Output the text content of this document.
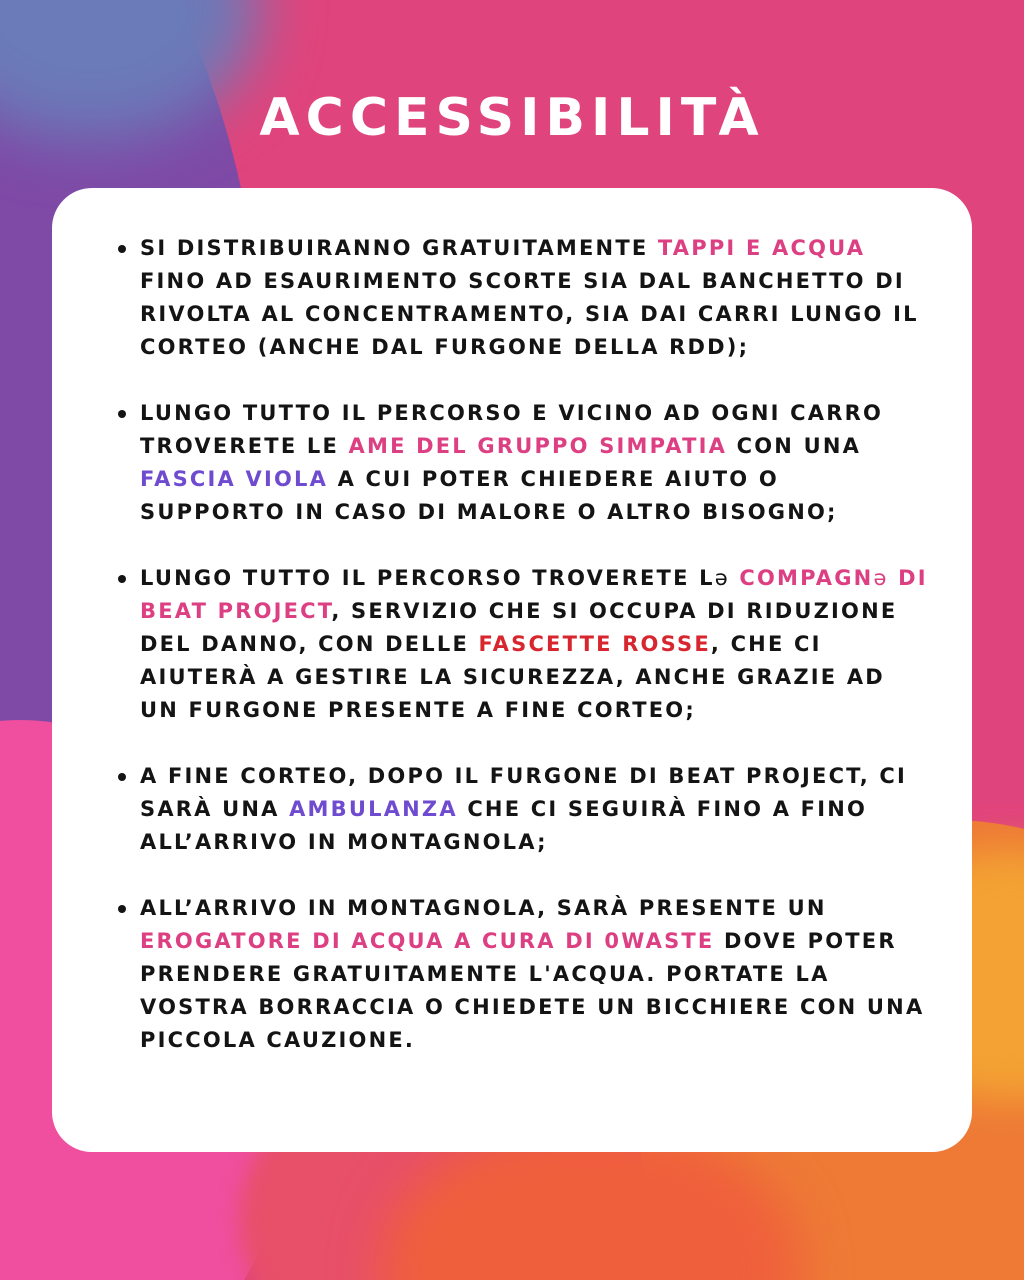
ACCESSIBILITÀ
SI DISTRIBUIRANNO GRATUITAMENTE TAPPI E ACQUA FINO AD ESAURIMENTO SCORTE SIA DAL BANCHETTO DI RIVOLTA AL CONCENTRAMENTO, SIA DAI CARRI LUNGO IL CORTEO (ANCHE DAL FURGONE DELLA RDD);
LUNGO TUTTO IL PERCORSO E VICINO AD OGNI CARRO TROVERETE LE AME DEL GRUPPO SIMPATIA CON UNA FASCIA VIOLA A CUI POTER CHIEDERE AIUTO O SUPPORTO IN CASO DI MALORE O ALTRO BISOGNO;
LUNGO TUTTO IL PERCORSO TROVERETE Lə COMPAGNə DI BEAT PROJECT, SERVIZIO CHE SI OCCUPA DI RIDUZIONE DEL DANNO, CON DELLE FASCETTE ROSSE, CHE CI AIUTERÀ A GESTIRE LA SICUREZZA, ANCHE GRAZIE AD UN FURGONE PRESENTE A FINE CORTEO;
A FINE CORTEO, DOPO IL FURGONE DI BEAT PROJECT, CI SARÀ UNA AMBULANZA CHE CI SEGUIRÀ FINO A FINO ALL’ARRIVO IN MONTAGNOLA;
ALL’ARRIVO IN MONTAGNOLA, SARÀ PRESENTE UN EROGATORE DI ACQUA A CURA DI 0WASTE DOVE POTER PRENDERE GRATUITAMENTE L'ACQUA. PORTATE LA VOSTRA BORRACCIA O CHIEDETE UN BICCHIERE CON UNA PICCOLA CAUZIONE.
